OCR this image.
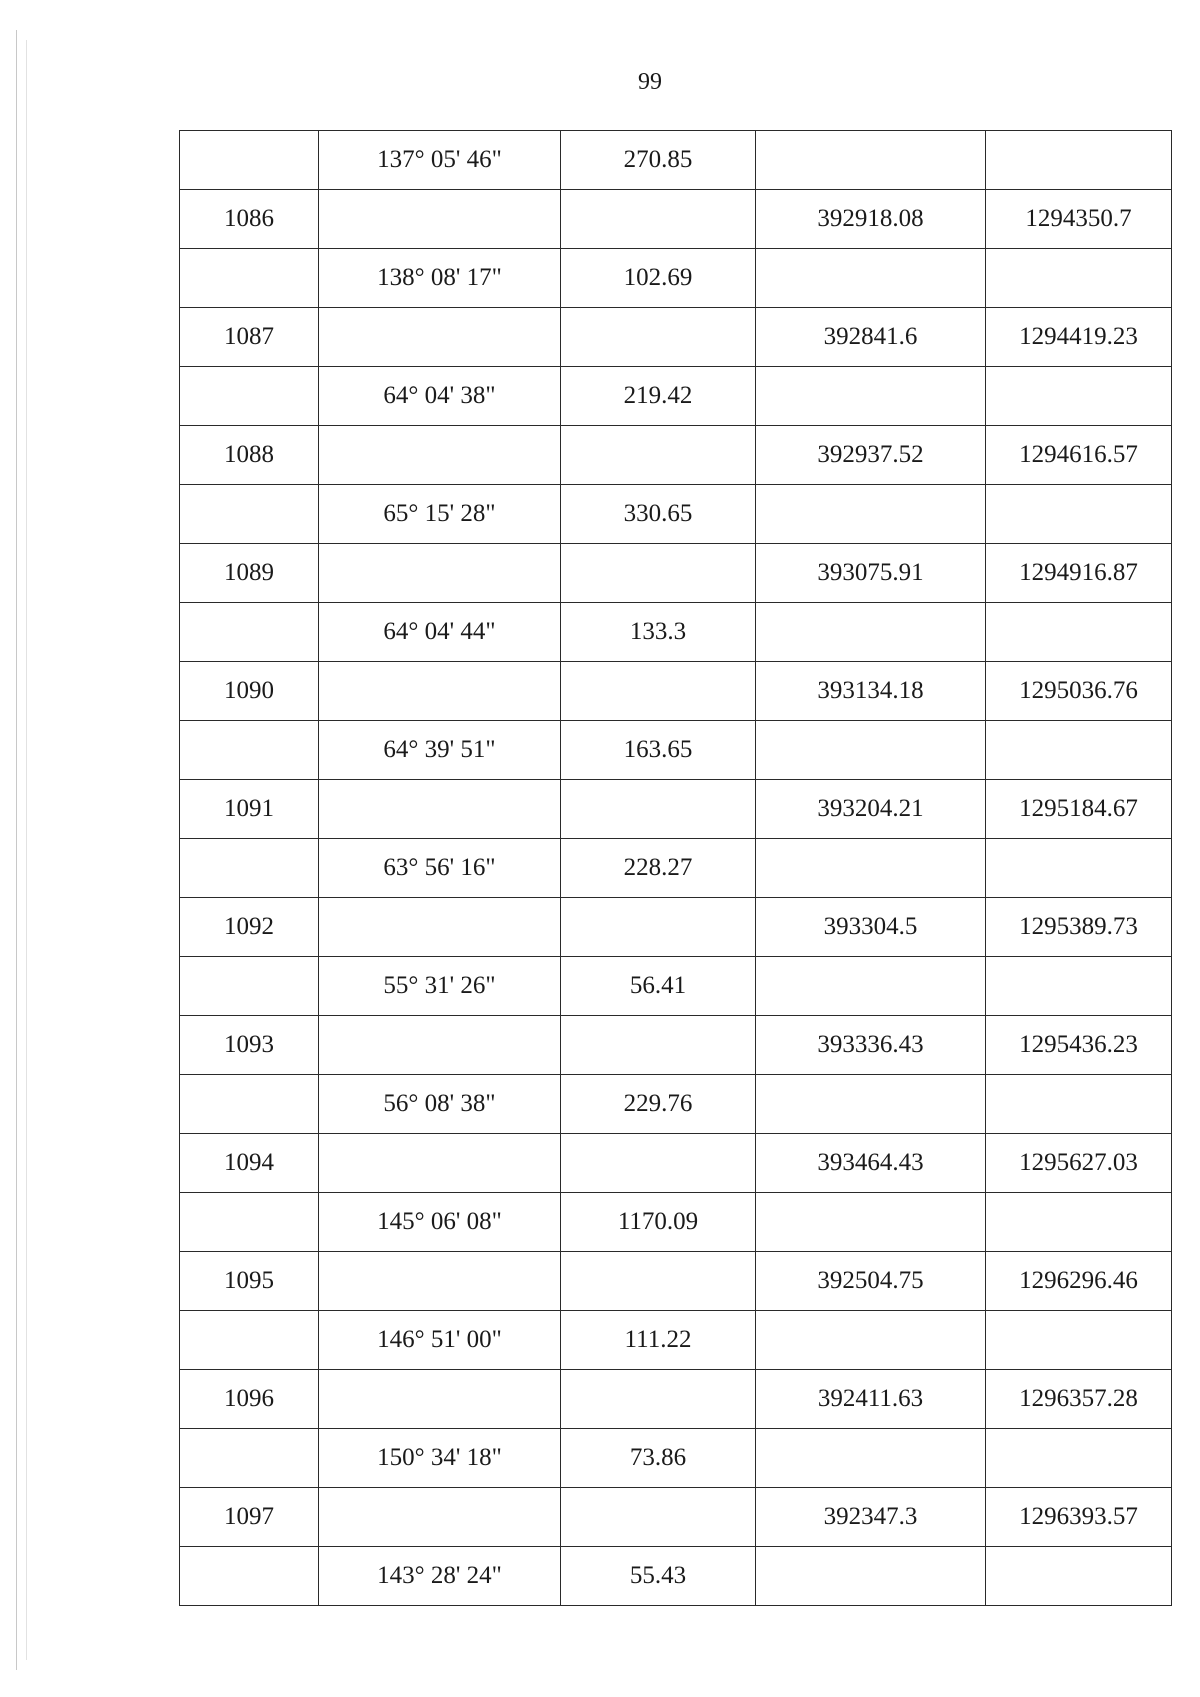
99
	137° 05' 46"	270.85		
1086			392918.08	1294350.7
	138° 08' 17"	102.69		
1087			392841.6	1294419.23
	64° 04' 38"	219.42		
1088			392937.52	1294616.57
	65° 15' 28"	330.65		
1089			393075.91	1294916.87
	64° 04' 44"	133.3		
1090			393134.18	1295036.76
	64° 39' 51"	163.65		
1091			393204.21	1295184.67
	63° 56' 16"	228.27		
1092			393304.5	1295389.73
	55° 31' 26"	56.41		
1093			393336.43	1295436.23
	56° 08' 38"	229.76		
1094			393464.43	1295627.03
	145° 06' 08"	1170.09		
1095			392504.75	1296296.46
	146° 51' 00"	111.22		
1096			392411.63	1296357.28
	150° 34' 18"	73.86		
1097			392347.3	1296393.57
	143° 28' 24"	55.43		
